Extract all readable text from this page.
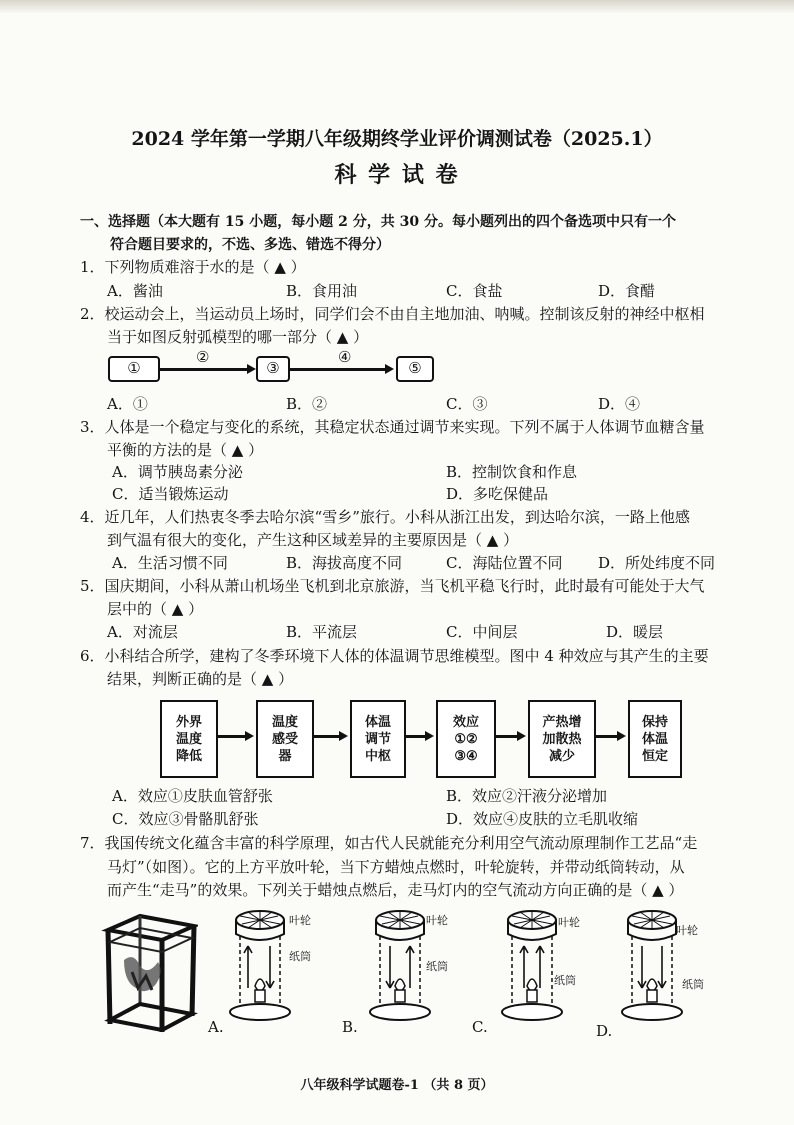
2024 学年第一学期八年级期终学业评价调测试卷（2025.1）
科 学 试 卷
一、选择题（本大题有 15 小题，每小题 2 分，共 30 分。每小题列出的四个备选项中只有一个
符合题目要求的，不选、多选、错选不得分）
1．下列物质难溶于水的是（ ▲ ）
A．酱油	B．食用油	C．食盐	D．食醋
2．校运动会上，当运动员上场时，同学们会不由自主地加油、呐喊。控制该反射的神经中枢相
当于如图反射弧模型的哪一部分（ ▲ ）
①
②
③
④
⑤
A．①	B．②	C．③	D．④
3．人体是一个稳定与变化的系统，其稳定状态通过调节来实现。下列不属于人体调节血糖含量
平衡的方法的是（ ▲ ）
A．调节胰岛素分泌	B．控制饮食和作息
C．适当锻炼运动	D．多吃保健品
4．近几年，人们热衷冬季去哈尔滨“雪乡”旅行。小科从浙江出发，到达哈尔滨，一路上他感
到气温有很大的变化，产生这种区域差异的主要原因是（ ▲ ）
A．生活习惯不同	B．海拔高度不同	C．海陆位置不同 D．所处纬度不同
5．国庆期间，小科从萧山机场坐飞机到北京旅游，当飞机平稳飞行时，此时最有可能处于大气
层中的（ ▲ ）
A．对流层	B．平流层	C．中间层	D．暖层
6．小科结合所学，建构了冬季环境下人体的体温调节思维模型。图中 4 种效应与其产生的主要
结果，判断正确的是（ ▲ ）
外界
温度
降低
温度
感受
器
体温
调节
中枢
效应
①②
③④
产热增
加散热
减少
保持
体温
恒定
A．效应①皮肤血管舒张	B．效应②汗液分泌增加
C．效应③骨骼肌舒张	D．效应④皮肤的立毛肌收缩
7．我国传统文化蕴含丰富的科学原理，如古代人民就能充分利用空气流动原理制作工艺品“走
马灯”（如图）。它的上方平放叶轮，当下方蜡烛点燃时，叶轮旋转，并带动纸筒转动，从
而产生“走马”的效果。下列关于蜡烛点燃后，走马灯内的空气流动方向正确的是（ ▲ ）
叶轮
纸筒
A.
叶轮
纸筒
B.
叶轮
纸筒
C.
叶轮
纸筒
D.
八年级科学试题卷-1 （共 8 页）
